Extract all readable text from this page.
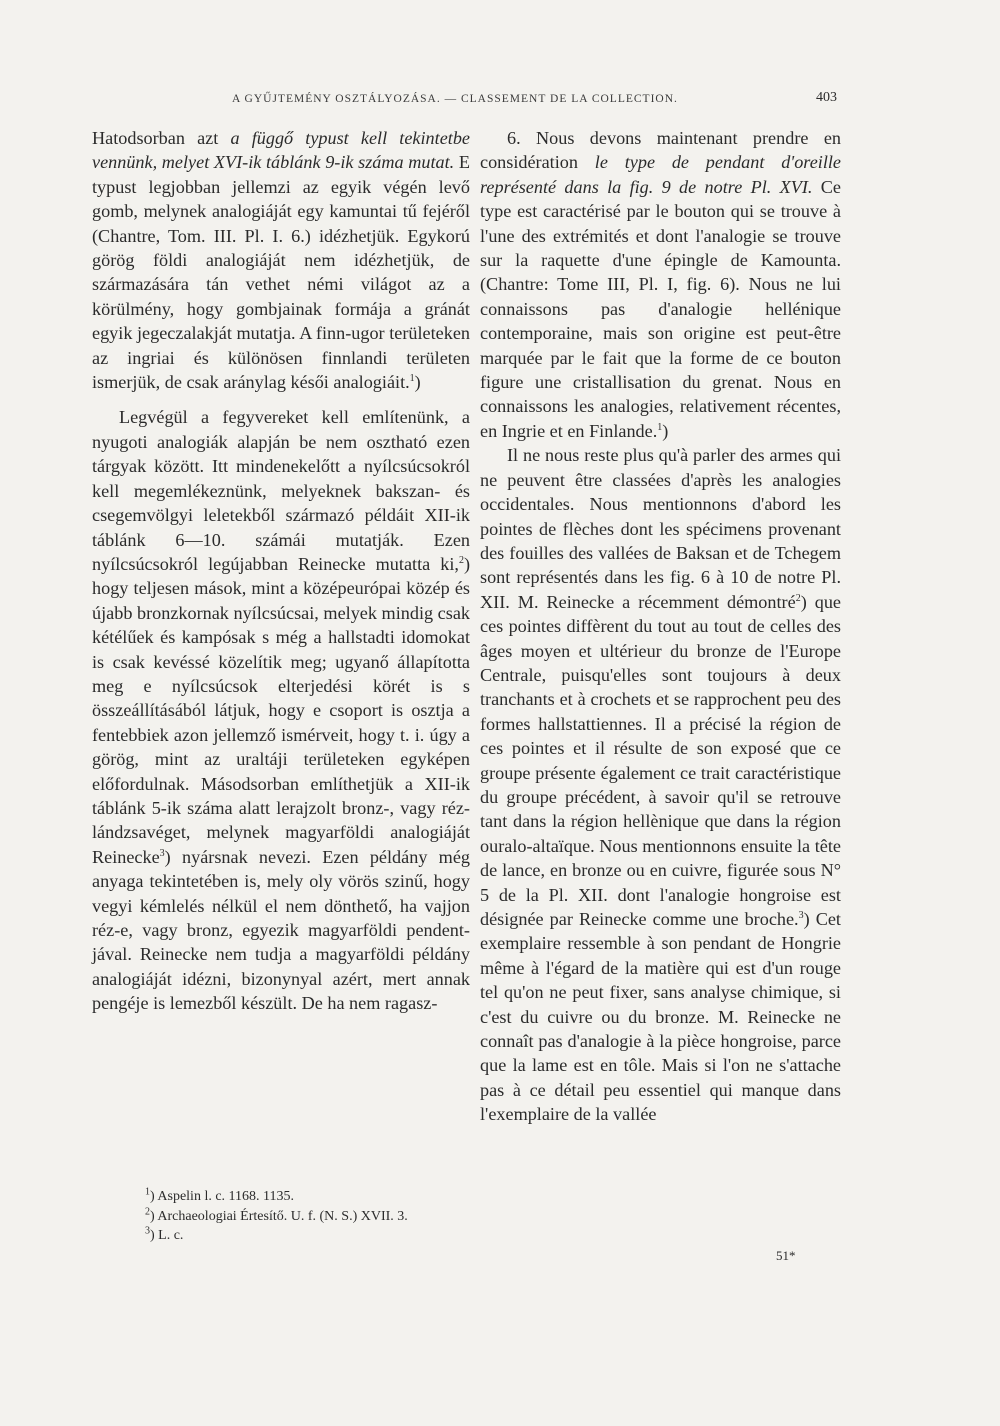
A GYŰJTEMÉNY OSZTÁLYOZÁSA. — CLASSEMENT DE LA COLLECTION.	403

Hatodsorban azt a függő typust kell tekintetbe vennünk, melyet XVI-ik táblánk 9-ik száma mutat. E typust legjobban jellemzi az egyik végén levő gomb, melynek analogiáját egy kamuntai tű fejéről (Chantre, Tom. III. Pl. I. 6.) idézhetjük. Egykorú görög földi analogiáját nem idézhetjük, de származására tán vethet némi világot az a körülmény, hogy gombjainak formája a gránát egyik jegeczalakját mutatja. A finn-ugor területeken az ingriai és különösen finnlandi területen ismerjük, de csak aránylag késői analogiáit.$^1$)

Legvégül a fegyvereket kell említenünk, a nyugoti analogiák alapján be nem osztható ezen tárgyak között. Itt mindenekelőtt a nyílcsúcsokról kell megemlékeznünk, melyeknek bakszan- és csegemvölgyi leletekből származó példáit XII-ik táblánk 6—10. számái mutatják. Ezen nyílcsúcsokról legújabban Reinecke mutatta ki,$^2$) hogy teljesen mások, mint a középeurópai közép és újabb bronzkornak nyílcsúcsai, melyek mindig csak kétélűek és kampósak s még a hallstadti idomokat is csak kevéssé közelítik meg; ugyanő állapította meg e nyílcsúcsok elterjedési körét is s összeállításából látjuk, hogy e csoport is osztja a fentebbiek azon jellemző ismérveit, hogy t. i. úgy a görög, mint az uraltáji területeken egyképen előfordulnak. Másodsorban említhetjük a XII-ik táblánk 5-ik száma alatt lerajzolt bronz-, vagy réz-lándzsavéget, melynek magyarföldi analogiáját Reinecke$^3$) nyársnak nevezi. Ezen példány még anyaga tekintetében is, mely oly vörös szinű, hogy vegyi kémlelés nélkül el nem dönthető, ha vajjon réz-e, vagy bronz, egyezik magyarföldi pendent-jával. Reinecke nem tudja a magyarföldi példány analogiáját idézni, bizonynyal azért, mert annak pengéje is lemezből készült. De ha nem ragasz-

6. Nous devons maintenant prendre en considération le type de pendant d'oreille représenté dans la fig. 9 de notre Pl. XVI. Ce type est caractérisé par le bouton qui se trouve à l'une des extrémités et dont l'analogie se trouve sur la raquette d'une épingle de Kamounta. (Chantre: Tome III, Pl. I, fig. 6). Nous ne lui connaissons pas d'analogie hellénique contemporaine, mais son origine est peut-être marquée par le fait que la forme de ce bouton figure une cristallisation du grenat. Nous en connaissons les analogies, relativement récentes, en Ingrie et en Finlande.$^1$)

Il ne nous reste plus qu'à parler des armes qui ne peuvent être classées d'après les analogies occidentales. Nous mentionnons d'abord les pointes de flèches dont les spécimens provenant des fouilles des vallées de Baksan et de Tchegem sont représentés dans les fig. 6 à 10 de notre Pl. XII. M. Reinecke a récemment démontré$^2$) que ces pointes diffèrent du tout au tout de celles des âges moyen et ultérieur du bronze de l'Europe Centrale, puisqu'elles sont toujours à deux tranchants et à crochets et se rapprochent peu des formes hallstattiennes. Il a précisé la région de ces pointes et il résulte de son exposé que ce groupe présente également ce trait caractéristique du groupe précédent, à savoir qu'il se retrouve tant dans la région hellènique que dans la région ouralo-altaïque. Nous mentionnons ensuite la tête de lance, en bronze ou en cuivre, figurée sous N° 5 de la Pl. XII. dont l'analogie hongroise est désignée par Reinecke comme une broche.$^3$) Cet exemplaire ressemble à son pendant de Hongrie même à l'égard de la matière qui est d'un rouge tel qu'on ne peut fixer, sans analyse chimique, si c'est du cuivre ou du bronze. M. Reinecke ne connaît pas d'analogie à la pièce hongroise, parce que la lame est en tôle. Mais si l'on ne s'attache pas à ce détail peu essentiel qui manque dans l'exemplaire de la vallée

$^1$) Aspelin l. c. 1168. 1135.
$^2$) Archaeologiai Értesítő. U. f. (N. S.) XVII. 3.
$^3$) L. c.
51*
